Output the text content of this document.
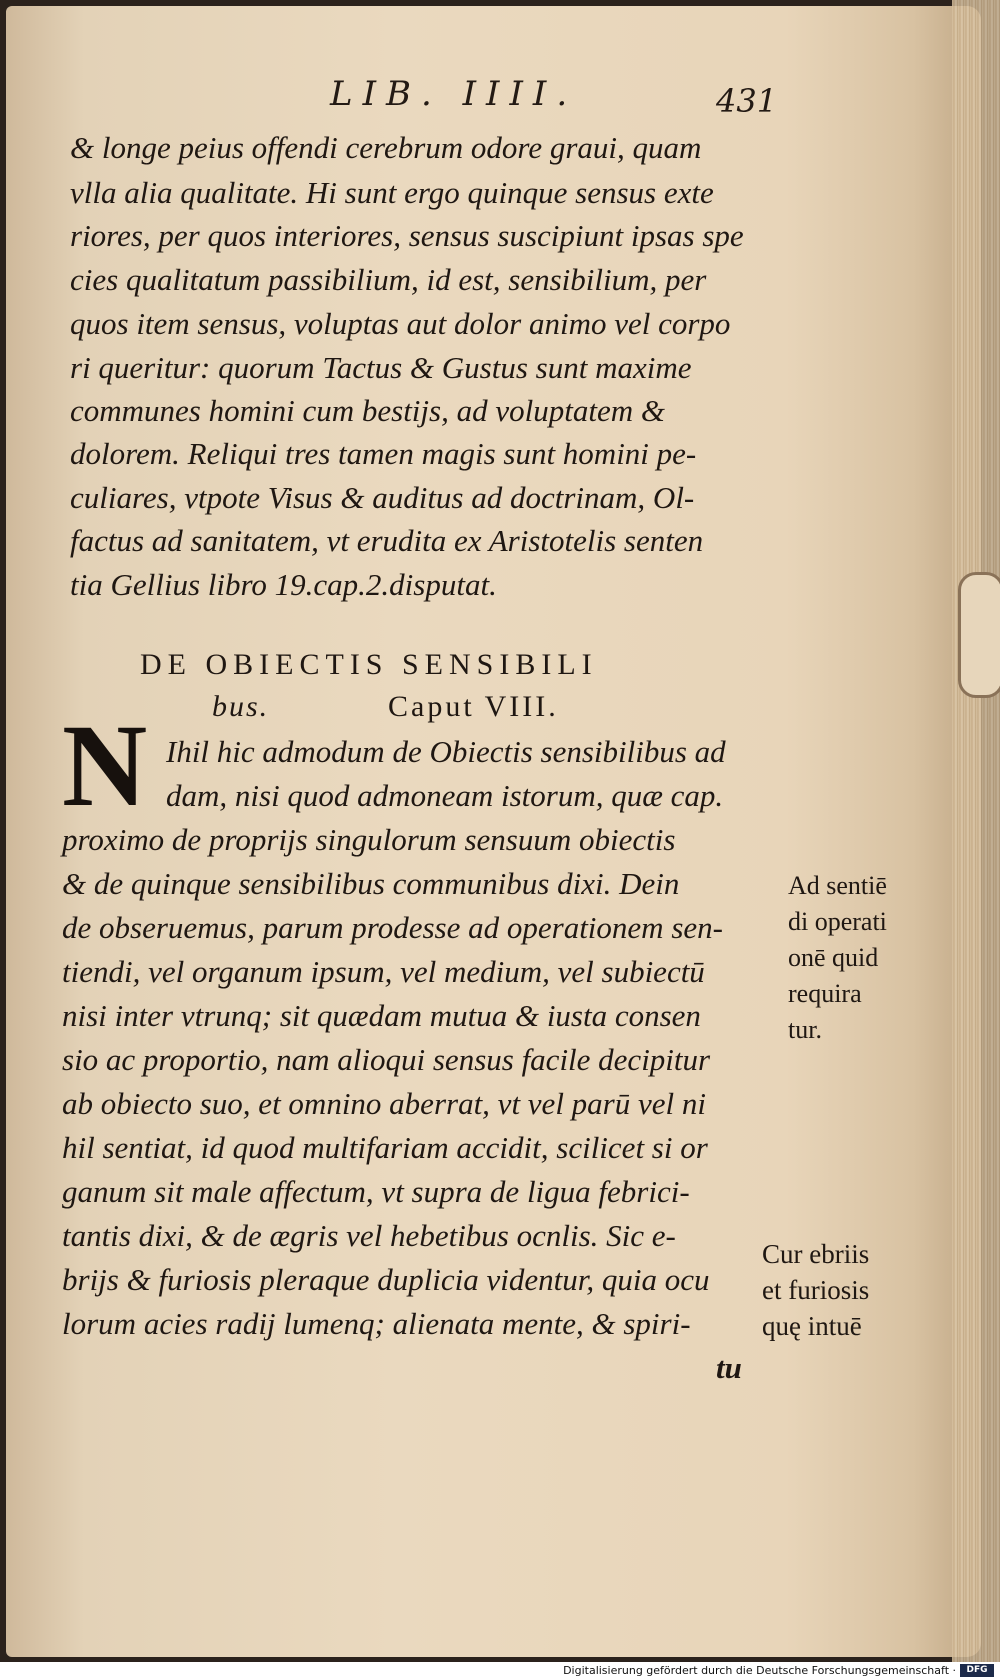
LIB. IIII.	431
& longe peius offendi cerebrum odore graui, quam
vlla alia qualitate. Hi sunt ergo quinque sensus exte
riores, per quos interiores, sensus suscipiunt ipsas spe
cies qualitatum passibilium, id est, sensibilium, per
quos item sensus, voluptas aut dolor animo vel corpo
ri queritur: quorum Tactus & Gustus sunt maxime
communes homini cum bestijs, ad voluptatem &
dolorem. Reliqui tres tamen magis sunt homini pe-
culiares, vtpote Visus & auditus ad doctrinam, Ol-
factus ad sanitatem, vt erudita ex Aristotelis senten
tia Gellius libro 19.cap.2.disputat.
DE OBIECTIS SENSIBILI
bus.	Caput VIII.
N Ihil hic admodum de Obiectis sensibilibus ad
dam, nisi quod admoneam istorum, quæ cap.
proximo de proprijs singulorum sensuum obiectis
& de quinque sensibilibus communibus dixi. Dein
de obseruemus, parum prodesse ad operationem sen-
tiendi, vel organum ipsum, vel medium, vel subiectū
nisi inter vtrunq; sit quædam mutua & iusta consen
sio ac proportio, nam alioqui sensus facile decipitur
ab obiecto suo, et omnino aberrat, vt vel parū vel ni
hil sentiat, id quod multifariam accidit, scilicet si or
ganum sit male affectum, vt supra de ligua febrici-
tantis dixi, & de ægris vel hebetibus ocnlis. Sic e-
brijs & furiosis pleraque duplicia videntur, quia ocu
lorum acies radij lumenq; alienata mente, & spiri-
tu
Ad sentiē
di operati
onē quid
requira
tur.
Cur ebriis
et furiosis
quę intuē
Digitalisierung gefördert durch die Deutsche Forschungsgemeinschaft ·	DFG
